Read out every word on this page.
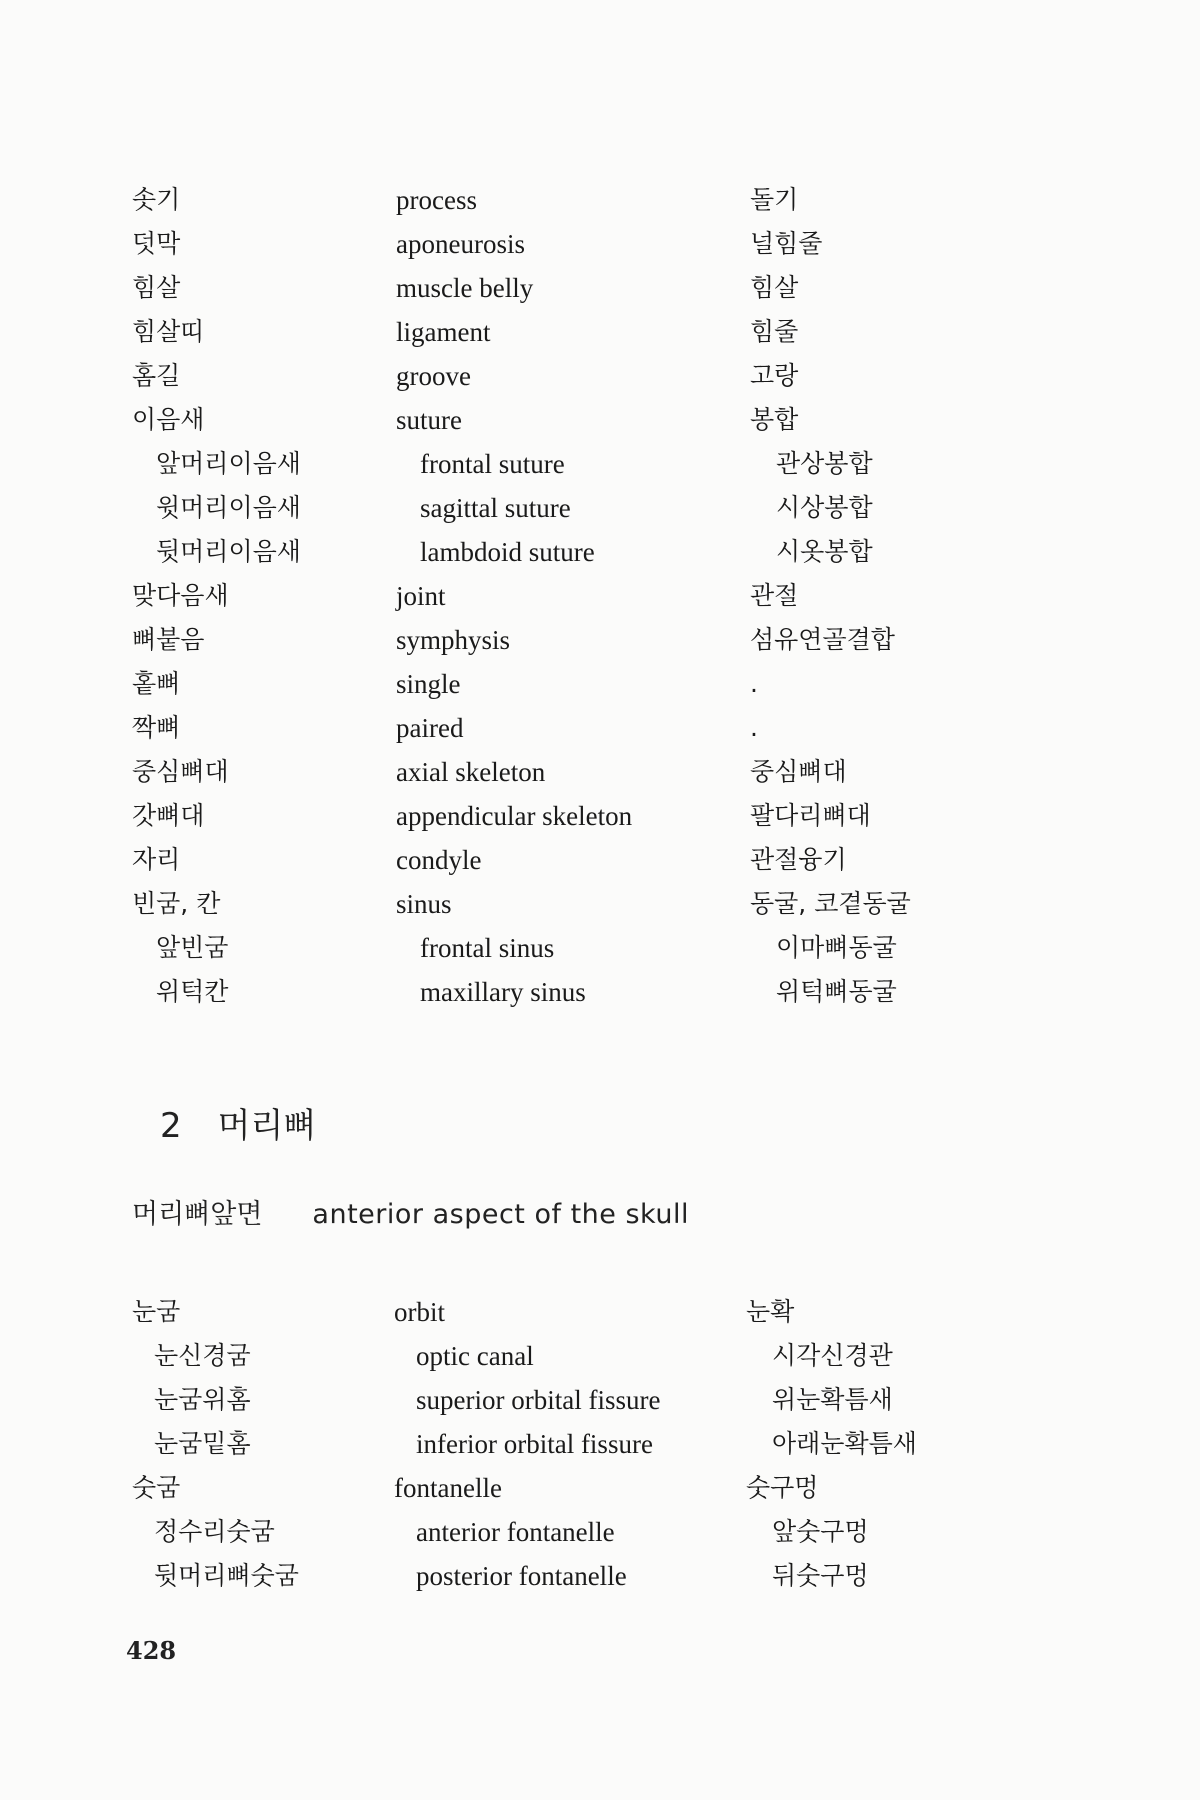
솟기	process	돌기
덧막	aponeurosis	널힘줄
힘살	muscle belly	힘살
힘살띠	ligament	힘줄
홈길	groove	고랑
이음새	suture	봉합
앞머리이음새	frontal suture	관상봉합
윗머리이음새	sagittal suture	시상봉합
뒷머리이음새	lambdoid suture	시옷봉합
맞다음새	joint	관절
뼈붙음	symphysis	섬유연골결합
홑뼈	single	.
짝뼈	paired	.
중심뼈대	axial skeleton	중심뼈대
갓뼈대	appendicular skeleton	팔다리뼈대
자리	condyle	관절융기
빈굼, 칸	sinus	동굴, 코곁동굴
앞빈굼	frontal sinus	이마뼈동굴
위턱칸	maxillary sinus	위턱뼈동굴
2 머리뼈
머리뼈앞면 anterior aspect of the skull
눈굼	orbit	눈확
눈신경굼	optic canal	시각신경관
눈굼위홈	superior orbital fissure	위눈확틈새
눈굼밑홈	inferior orbital fissure	아래눈확틈새
숫굼	fontanelle	숫구멍
정수리숫굼	anterior fontanelle	앞숫구멍
뒷머리뼈숫굼	posterior fontanelle	뒤숫구멍
428
